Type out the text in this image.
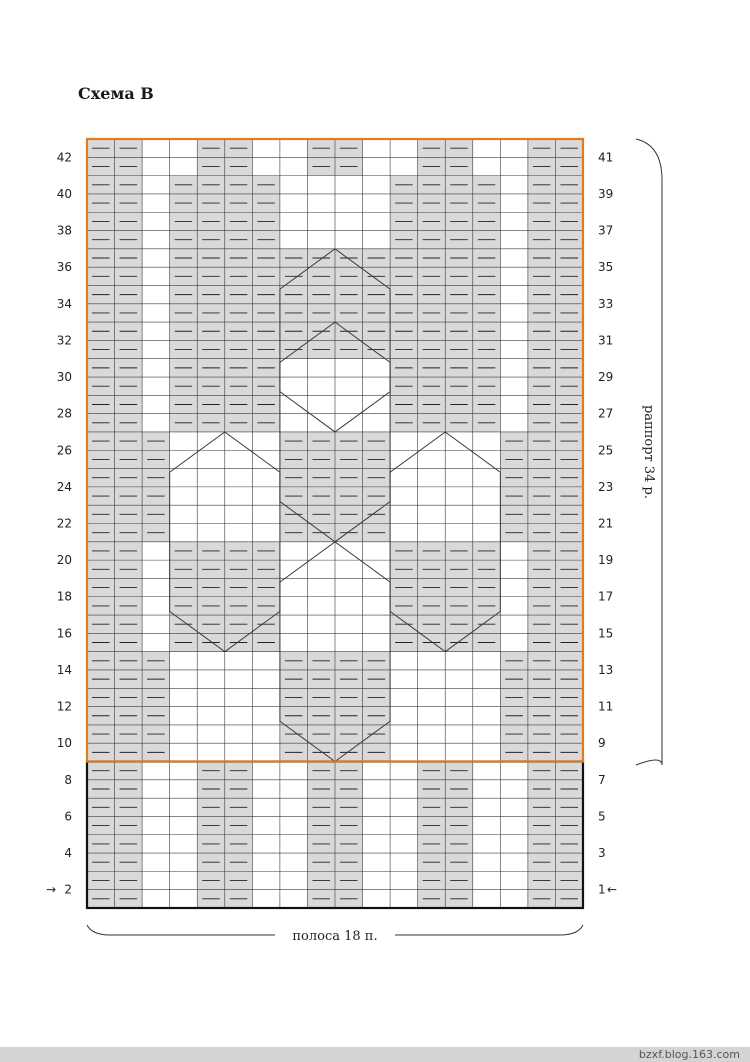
Схема В
42
40
38
36
34
32
30
28
26
24
22
20
18
16
14
12
10
8
6
4
2
41
39
37
35
33
31
29
27
25
23
21
19
17
15
13
11
9
7
5
3
1
→	←
раппорт 34 р.
полоса 18 п.
bzxf.blog.163.com
